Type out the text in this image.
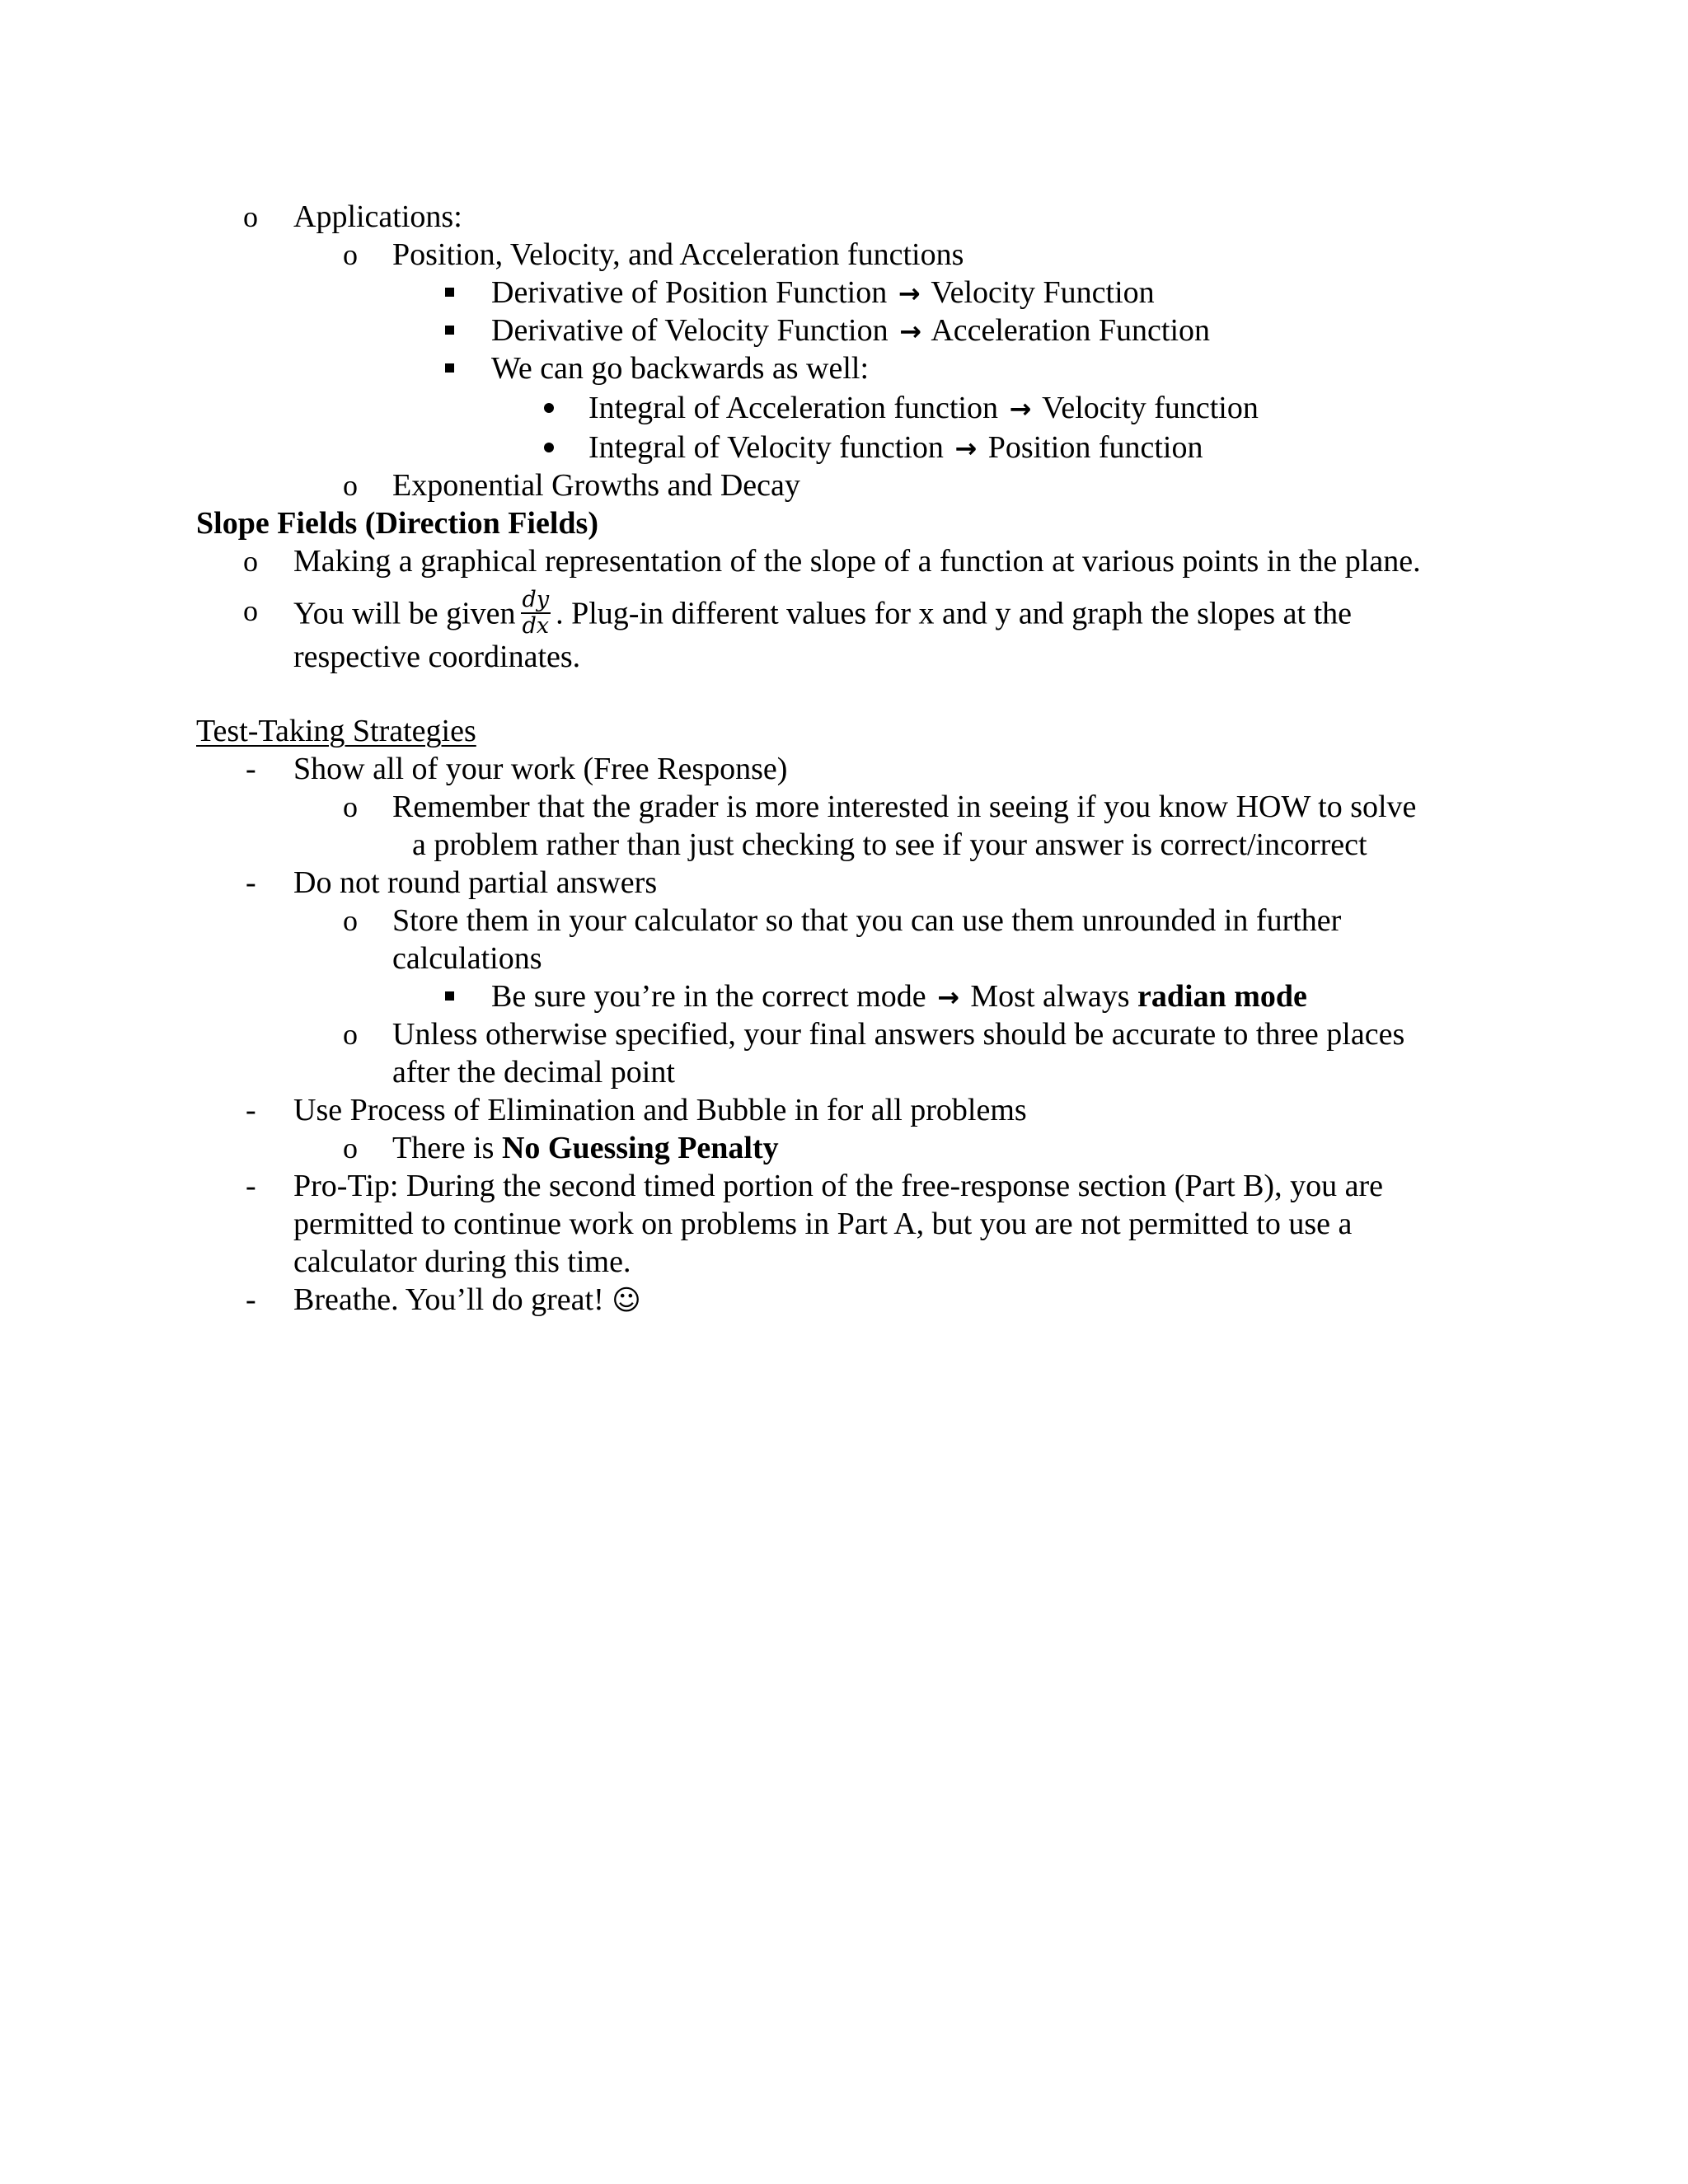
o Applications:
o Position, Velocity, and Acceleration functions
Derivative of Position Function → Velocity Function
Derivative of Velocity Function → Acceleration Function
We can go backwards as well:
Integral of Acceleration function → Velocity function
Integral of Velocity function → Position function
o Exponential Growths and Decay
Slope Fields (Direction Fields)
o Making a graphical representation of the slope of a function at various points in the plane.
o You will be given $\frac{dy}{dx}$ . Plug-in different values for x and y and graph the slopes at the
respective coordinates.
Test-Taking Strategies
- Show all of your work (Free Response)
o Remember that the grader is more interested in seeing if you know HOW to solve
a problem rather than just checking to see if your answer is correct/incorrect
- Do not round partial answers
o Store them in your calculator so that you can use them unrounded in further
calculations
Be sure you’re in the correct mode → Most always radian mode
o Unless otherwise specified, your final answers should be accurate to three places
after the decimal point
- Use Process of Elimination and Bubble in for all problems
o There is No Guessing Penalty
- Pro-Tip: During the second timed portion of the free-response section (Part B), you are
permitted to continue work on problems in Part A, but you are not permitted to use a
calculator during this time.
- Breathe. You’ll do great! ☺
